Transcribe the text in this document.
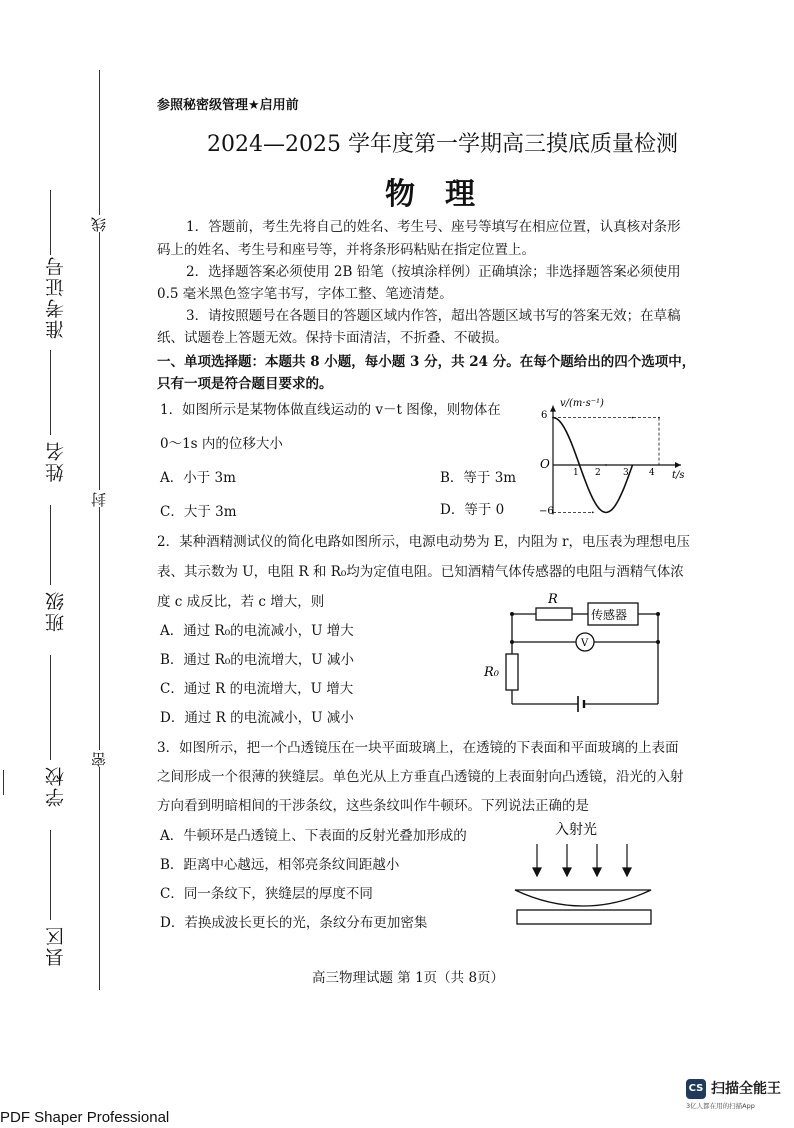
准考证号
姓名
班级
学校
县区
线
封
密
参照秘密级管理★启用前
2024—2025 学年度第一学期高三摸底质量检测
物　理
1．答题前，考生先将自己的姓名、考生号、座号等填写在相应位置，认真核对条形
码上的姓名、考生号和座号等，并将条形码粘贴在指定位置上。
2．选择题答案必须使用 2B 铅笔（按填涂样例）正确填涂；非选择题答案必须使用
0.5 毫米黑色签字笔书写，字体工整、笔迹清楚。
3．请按照题号在各题目的答题区域内作答，超出答题区域书写的答案无效；在草稿
纸、试题卷上答题无效。保持卡面清洁，不折叠、不破损。
一、单项选择题：本题共 8 小题，每小题 3 分，共 24 分。在每个题给出的四个选项中，
只有一项是符合题目要求的。
1．如图所示是某物体做直线运动的 v－t 图像，则物体在
0～1s 内的位移大小
A．小于 3m	B．等于 3m
C．大于 3m	D．等于 0
v/(m·s⁻¹)
t/s
O
6
−6
1 2 3 4
2．某种酒精测试仪的简化电路如图所示，电源电动势为 E，内阻为 r，电压表为理想电压
表、其示数为 U，电阻 R 和 R₀均为定值电阻。已知酒精气体传感器的电阻与酒精气体浓
度 c 成反比，若 c 增大，则
A．通过 R₀的电流减小，U 增大
B．通过 R₀的电流增大，U 减小
C．通过 R 的电流增大，U 增大
D．通过 R 的电流减小，U 减小
R
传感器
V
R₀
3．如图所示，把一个凸透镜压在一块平面玻璃上，在透镜的下表面和平面玻璃的上表面
之间形成一个很薄的狭缝层。单色光从上方垂直凸透镜的上表面射向凸透镜，沿光的入射
方向看到明暗相间的干涉条纹，这些条纹叫作牛顿环。下列说法正确的是
A．牛顿环是凸透镜上、下表面的反射光叠加形成的
B．距离中心越远，相邻亮条纹间距越小
C．同一条纹下，狭缝层的厚度不同
D．若换成波长更长的光，条纹分布更加密集
入射光
高三物理试题 第 1页（共 8页）
CS 扫描全能王
3亿人都在用的扫描App
PDF Shaper Professional
